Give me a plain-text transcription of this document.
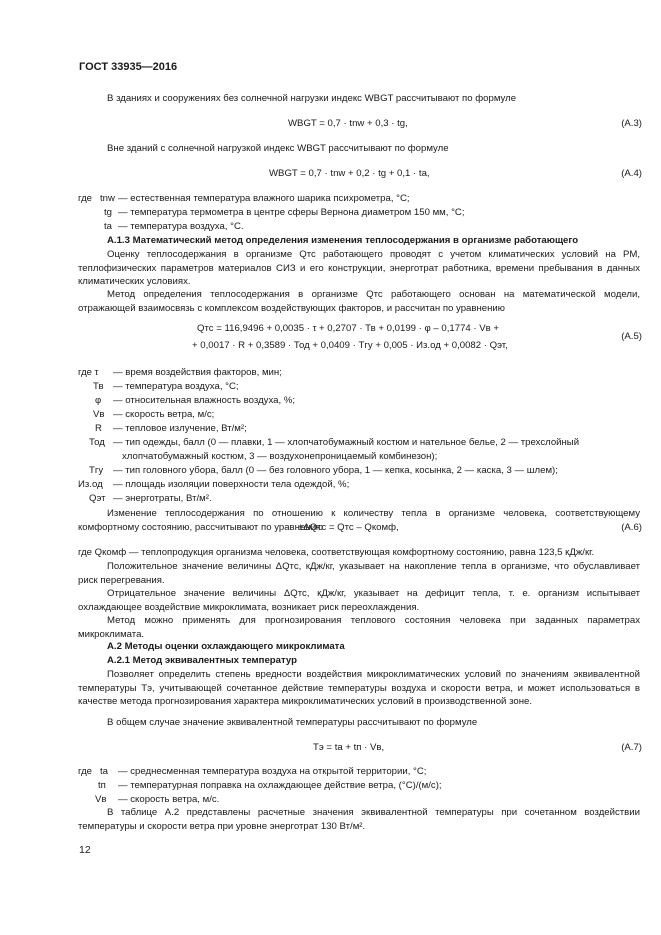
ГОСТ 33935—2016
В зданиях и сооружениях без солнечной нагрузки индекс WBGT рассчитывают по формуле
WBGT = 0,7 · tnw + 0,3 · tg,	(А.3)
Вне зданий с солнечной нагрузкой индекс WBGT рассчитывают по формуле
WBGT = 0,7 · tnw + 0,2 · tg + 0,1 · ta,	(А.4)
где tnw — естественная температура влажного шарика психрометра, °С;
tg — температура термометра в центре сферы Вернона диаметром 150 мм, °С;
ta — температура воздуха, °С.
А.1.3 Математический метод определения изменения теплосодержания в организме работающего
Оценку теплосодержания в организме Qтс работающего проводят с учетом климатических условий на РМ, теплофизических параметров материалов СИЗ и его конструкции, энерготрат работника, времени пребывания в данных климатических условиях.
Метод определения теплосодержания в организме Qтс работающего основан на математической модели, отражающей взаимосвязь с комплексом воздействующих факторов, и рассчитан по уравнению
Qтс = 116,9496 + 0,0035 · τ + 0,2707 · Тв + 0,0199 · φ – 0,1774 · Vв +
+ 0,0017 · R + 0,3589 · Тод + 0,0409 · Тгу + 0,005 · Из.од + 0,0082 · Qэт,
(А.5)
где τ — время воздействия факторов, мин;
Тв — температура воздуха, °С;
φ — относительная влажность воздуха, %;
Vв — скорость ветра, м/с;
R — тепловое излучение, Вт/м²;
Тод — тип одежды, балл (0 — плавки, 1 — хлопчатобумажный костюм и нательное белье, 2 — трехслойный
хлопчатобумажный костюм, 3 — воздухонепроницаемый комбинезон);
Тгу — тип головного убора, балл (0 — без головного убора, 1 — кепка, косынка, 2 — каска, 3 — шлем);
Из.од — площадь изоляции поверхности тела одеждой, %;
Qэт — энерготраты, Вт/м².
Изменение теплосодержания по отношению к количеству тепла в организме человека, соответствующему комфортному состоянию, рассчитывают по уравнению
±ΔQтс = Qтс – Qкомф,	(А.6)
где Qкомф — теплопродукция организма человека, соответствующая комфортному состоянию, равна 123,5 кДж/кг.
Положительное значение величины ΔQтс, кДж/кг, указывает на накопление тепла в организме, что обуславливает риск перегревания.
Отрицательное значение величины ΔQтс, кДж/кг, указывает на дефицит тепла, т. е. организм испытывает охлаждающее воздействие микроклимата, возникает риск переохлаждения.
Метод можно применять для прогнозирования теплового состояния человека при заданных параметрах микроклимата.
А.2 Методы оценки охлаждающего микроклимата
А.2.1 Метод эквивалентных температур
Позволяет определить степень вредности воздействия микроклиматических условий по значениям эквивалентной температуры Тэ, учитывающей сочетанное действие температуры воздуха и скорости ветра, и может использоваться в качестве метода прогнозирования характера микроклиматических условий в производственной зоне.
В общем случае значение эквивалентной температуры рассчитывают по формуле
Тэ = tа + tп · Vв,	(А.7)
где tа — среднесменная температура воздуха на открытой территории, °С;
tп — температурная поправка на охлаждающее действие ветра, (°С)/(м/с);
Vв — скорость ветра, м/с.
В таблице А.2 представлены расчетные значения эквивалентной температуры при сочетанном воздействии температуры и скорости ветра при уровне энерготрат 130 Вт/м².
12
